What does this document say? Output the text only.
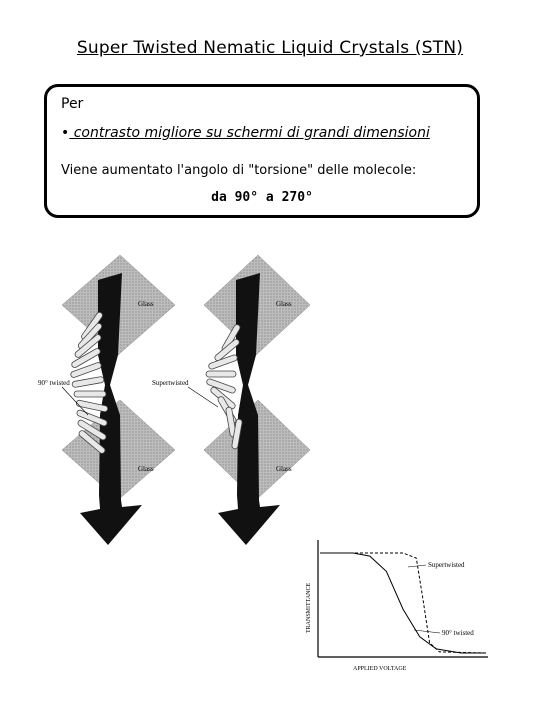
Super Twisted Nematic Liquid Crystals (STN)
Per
• contrasto migliore su schermi di grandi dimensioni
Viene aumentato l'angolo di "torsione" delle molecole:
da 90° a 270°
Glass
Glass
90° twisted
Glass
Glass
Supertwisted
TRANSMITTANCE
APPLIED VOLTAGE
Supertwisted
90° twisted
